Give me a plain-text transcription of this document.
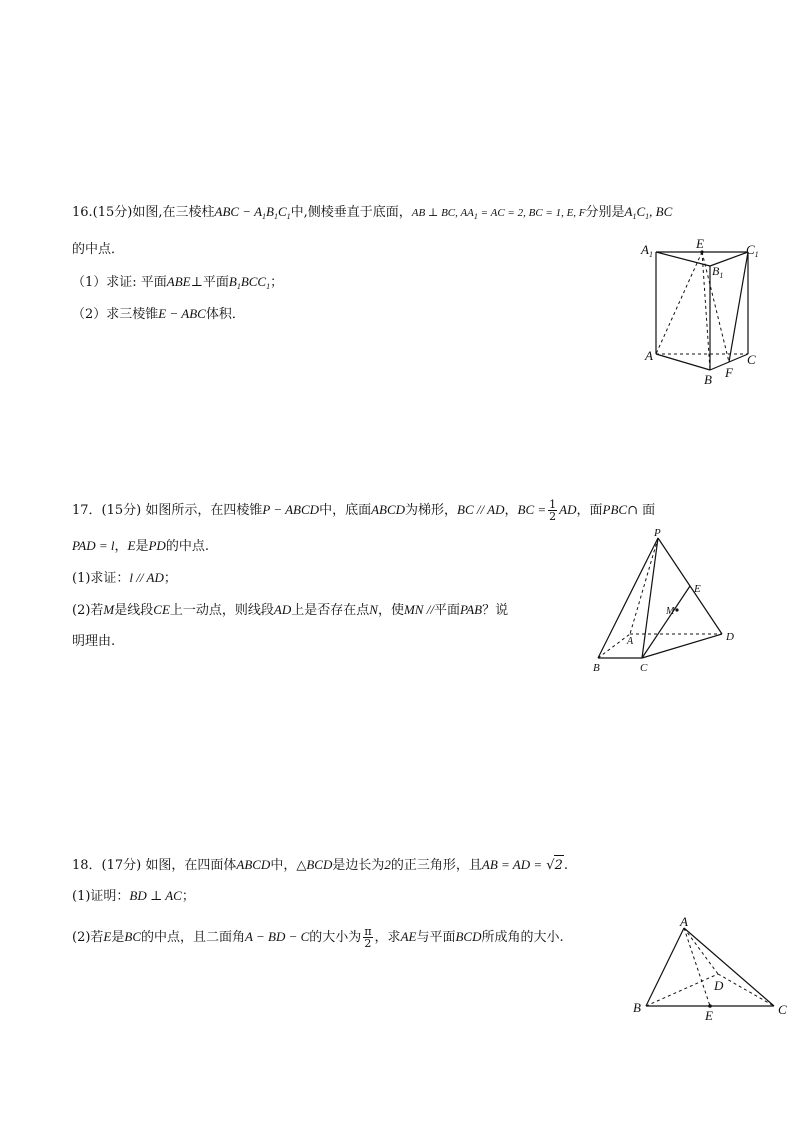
16.(15分)如图,在三棱柱ABC − $A_1B_1C_1$中,侧棱垂直于底面，AB ⊥ BC, $AA_1$ = AC = 2, BC = 1, E, F分别是$A_1C_1$, BC
的中点．
（1）求证: 平面ABE⊥平面$B_1BCC_1$；
（2）求三棱锥E − ABC体积．
$A_1$
E	$C_1$
$B_1$
A
B
C
F
17．(15分) 如图所示，在四棱锥P − ABCD中，底面ABCD为梯形，BC // AD，BC = $\frac{1}{2}$ AD，面PBC∩ 面
PAD = l，E是PD的中点.
(1)求证：l // AD；
(2)若M是线段CE上一动点，则线段AD上是否存在点N，使MN //平面PAB？说
明理由.
P
E
M
A	D
B	C
18．(17分) 如图，在四面体ABCD中，△BCD是边长为2的正三角形，且AB = AD = √2.
(1)证明：BD ⊥ AC；
(2)若E是BC的中点，且二面角A − BD − C的大小为 $\frac{\pi}{2}$ ，求AE与平面BCD所成角的大小.
A
D
B
E	C
